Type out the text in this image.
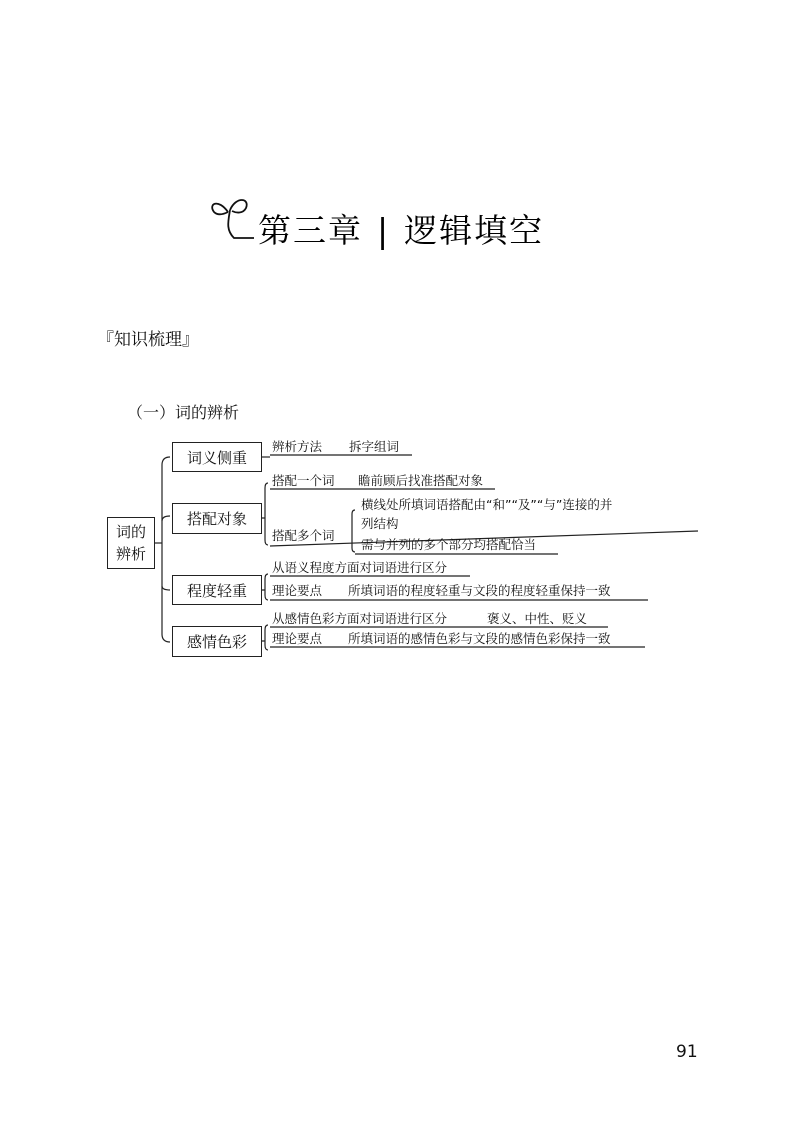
第三章 | 逻辑填空
『知识梳理』
（一）词的辨析
词的
辨析
词义侧重
搭配对象
程度轻重
感情色彩
辨析方法 拆字组词
搭配一个词 瞻前顾后找准搭配对象
搭配多个词
横线处所填词语搭配由“和”“及”“与”连接的并
列结构
需与并列的多个部分均搭配恰当
从语义程度方面对词语进行区分
理论要点 所填词语的程度轻重与文段的程度轻重保持一致
从感情色彩方面对词语进行区分	褒义、中性、贬义
理论要点 所填词语的感情色彩与文段的感情色彩保持一致
91
